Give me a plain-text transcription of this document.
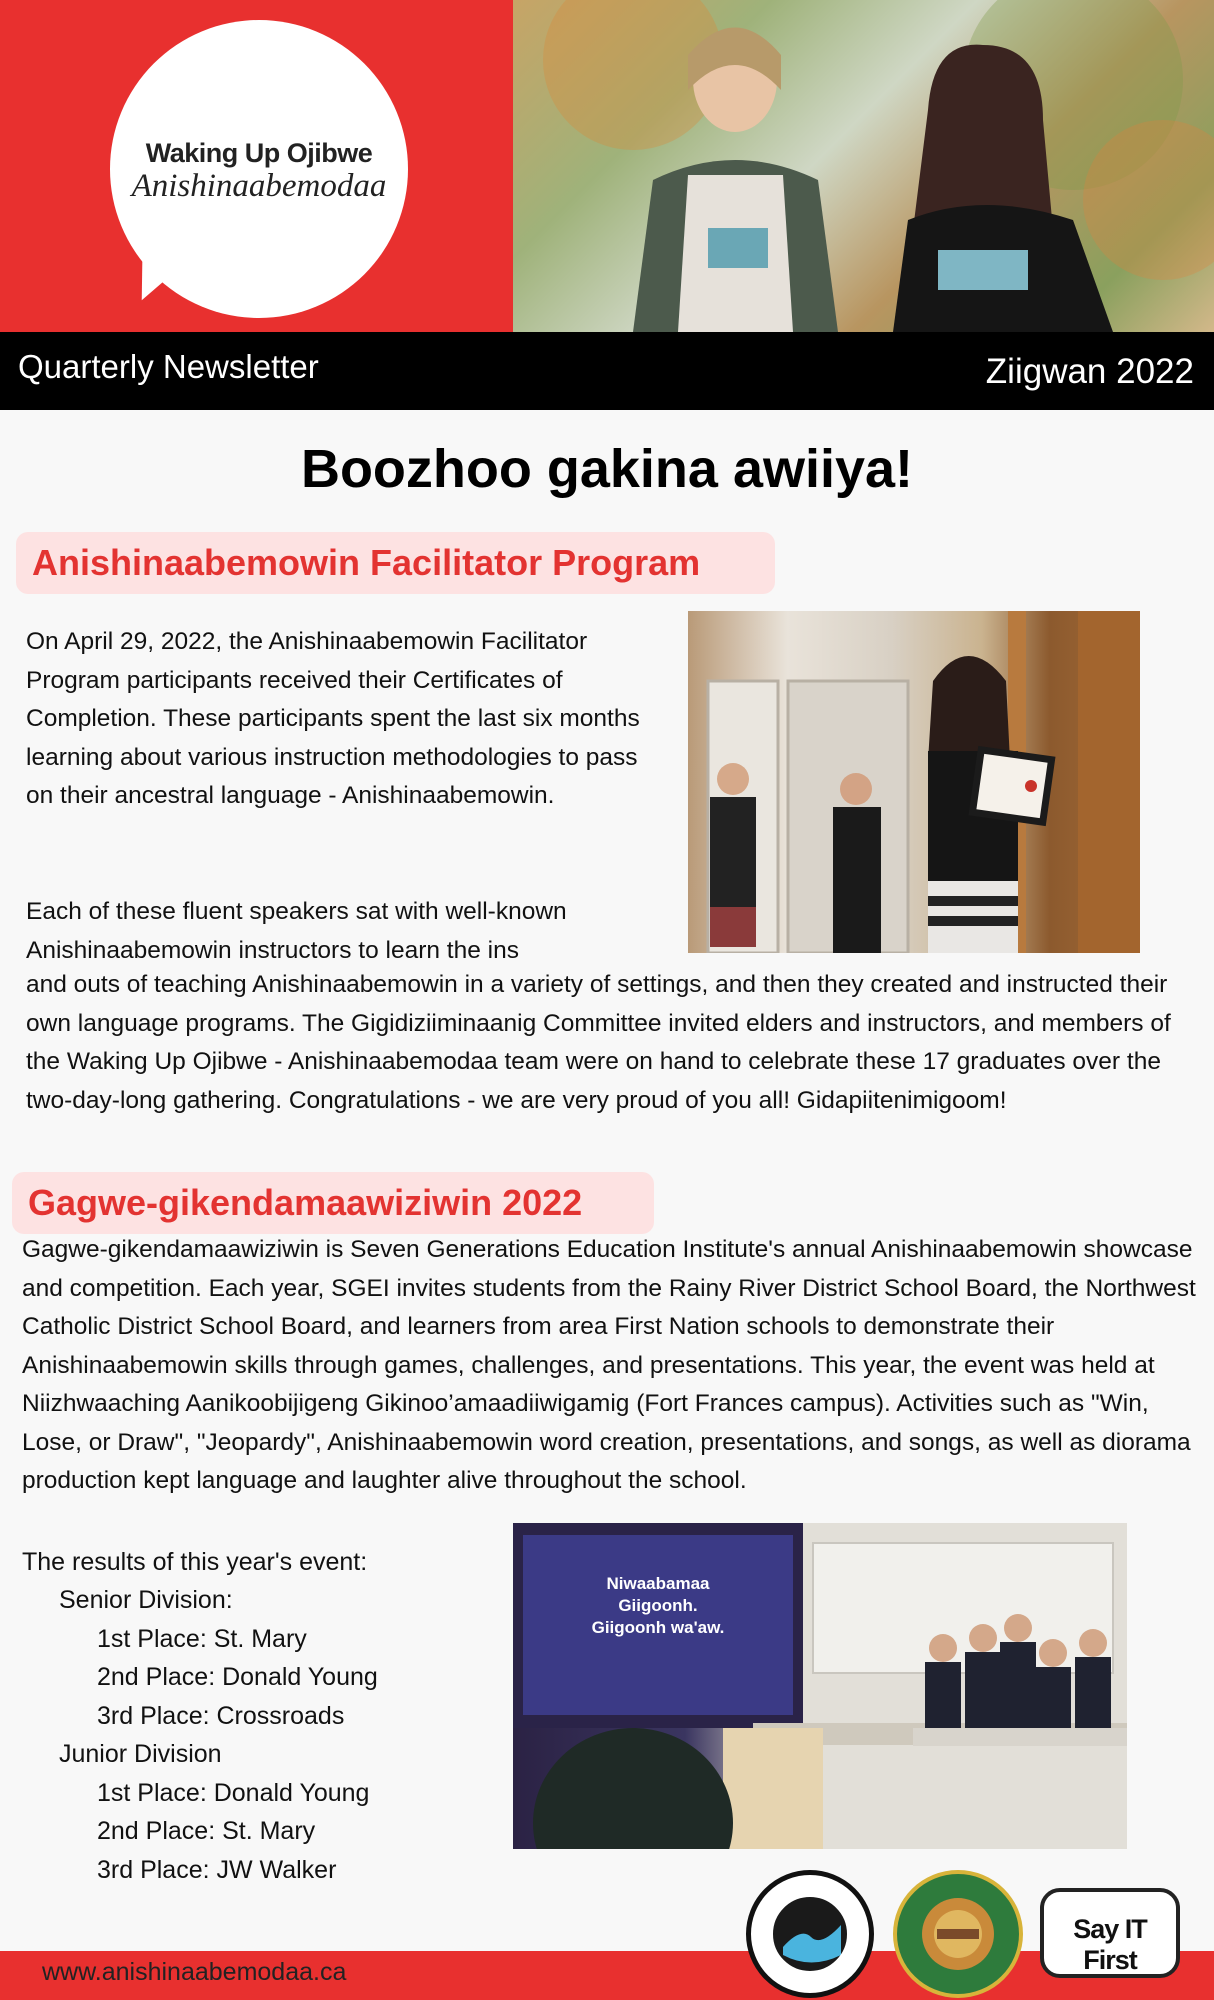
Waking Up Ojibwe
Anishinaabemodaa
Quarterly Newsletter	Ziigwan 2022
Boozhoo gakina awiiya!
Anishinaabemowin Facilitator Program

On April 29, 2022, the Anishinaabemowin Facilitator Program participants received their Certificates of Completion. These participants spent the last six months learning about various instruction methodologies to pass on their ancestral language - Anishinaabemowin.

Each of these fluent speakers sat with well-known Anishinaabemowin instructors to learn the ins

and outs of teaching Anishinaabemowin in a variety of settings, and then they created and instructed their own language programs. The Gigidiziiminaanig Committee invited elders and instructors, and members of the Waking Up Ojibwe - Anishinaabemodaa team were on hand to celebrate these 17 graduates over the two-day-long gathering. Congratulations - we are very proud of you all! Gidapiitenimigoom!

Gagwe-gikendamaawiziwin 2022

Gagwe-gikendamaawiziwin is Seven Generations Education Institute's annual Anishinaabemowin showcase and competition. Each year, SGEI invites students from the Rainy River District School Board, the Northwest Catholic District School Board, and learners from area First Nation schools to demonstrate their Anishinaabemowin skills through games, challenges, and presentations. This year, the event was held at Niizhwaaching Aanikoobijigeng Gikinoo’amaadiiwigamig (Fort Frances campus). Activities such as "Win, Lose, or Draw", "Jeopardy", Anishinaabemowin word creation, presentations, and songs, as well as diorama production kept language and laughter alive throughout the school.

The results of this year's event:
Senior Division:
1st Place: St. Mary
2nd Place: Donald Young
3rd Place: Crossroads
Junior Division
1st Place: Donald Young
2nd Place: St. Mary
3rd Place: JW Walker
Niwaabamaa
Giigoonh.
Giigoonh wa'aw.
www.anishinaabemodaa.ca
Say IT First
